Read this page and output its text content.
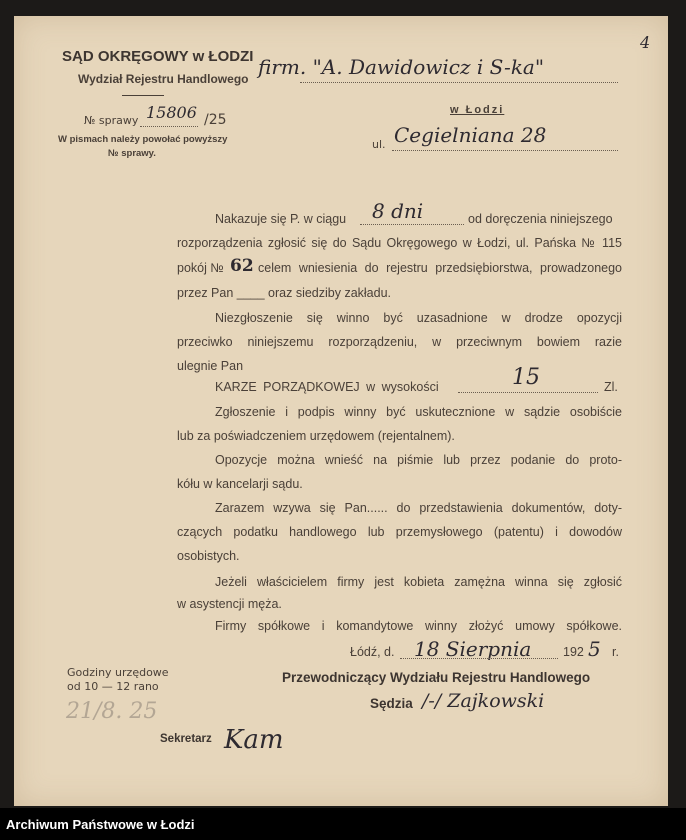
SĄD OKRĘGOWY w ŁODZI
Wydział Rejestru Handlowego
№ sprawy 15806 /25
W pismach należy powołać powyższy
№ sprawy.
4
firm. "A. Dawidowicz i S-ka"
w Łodzi
ul. Cegielniana 28
Nakazuje się P. w ciągu 8 dni	od doręczenia niniejszego
rozporządzenia zgłosić się do Sądu Okręgowego w Łodzi, ul. Pańska № 115
pokój № 62 celem wniesienia do rejestru przedsiębiorstwa, prowadzonego
przez Pan ____ oraz siedziby zakładu.
Niezgłoszenie się winno być uzasadnione w drodze opozycji
przeciwko niniejszemu rozporządzeniu, w przeciwnym bowiem razie
ulegnie Pan
KARZE PORZĄDKOWEJ w wysokości	15	Zl.
Zgłoszenie i podpis winny być uskutecznione w sądzie osobiście
lub za poświadczeniem urzędowem (rejentalnem).
Opozycje można wnieść na piśmie lub przez podanie do proto-
kółu w kancelarji sądu.
Zarazem wzywa się Pan...... do przedstawienia dokumentów, doty-
czących podatku handlowego lub przemysłowego (patentu) i dowodów
osobistych.
Jeżeli właścicielem firmy jest kobieta zamężna winna się zgłosić
w asystencji męża.
Firmy spółkowe i komandytowe winny złożyć umowy spółkowe.
Łódź, d. 18 Sierpnia	192 5 r.
Przewodniczący Wydziału Rejestru Handlowego
Sędzia /-/ Zajkowski
Sekretarz Kam
Godziny urzędowe
od 10 — 12 rano
21/8. 25
Archiwum Państwowe w Łodzi
